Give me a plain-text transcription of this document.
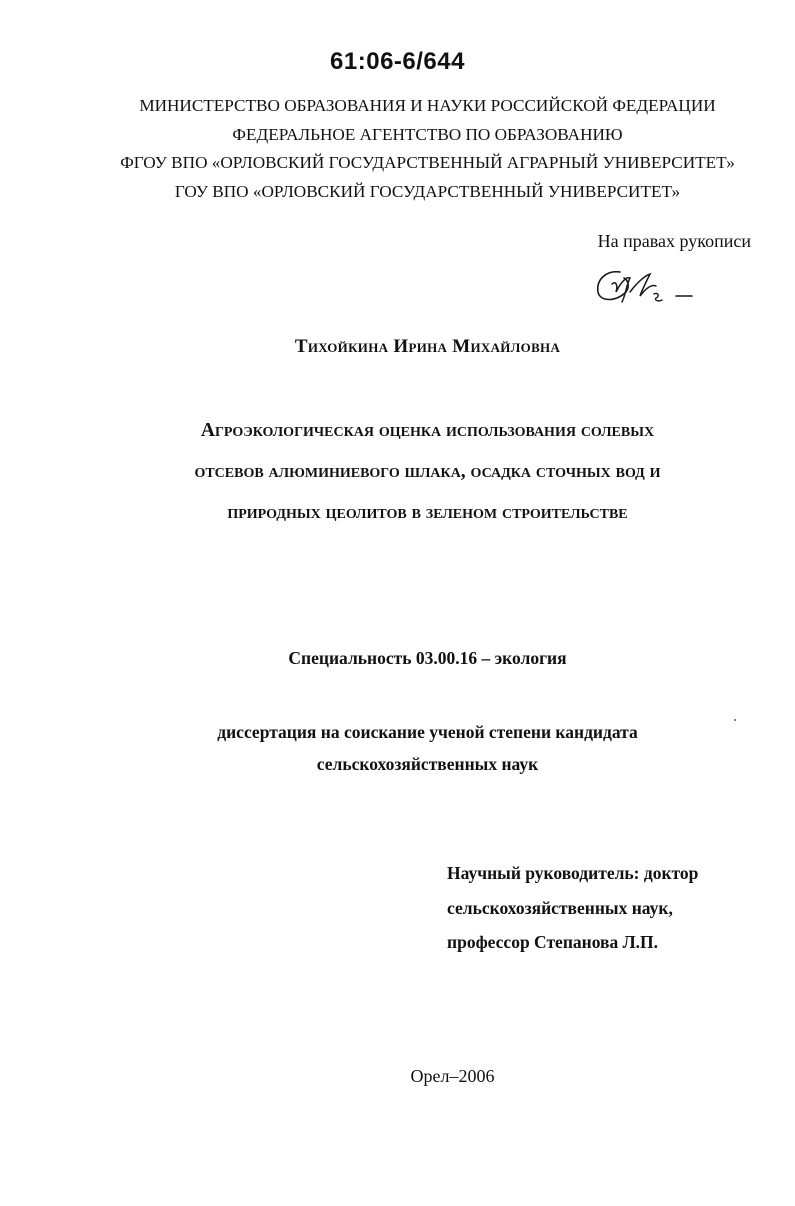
61:06-6/644
МИНИСТЕРСТВО ОБРАЗОВАНИЯ И НАУКИ РОССИЙСКОЙ ФЕДЕРАЦИИ
ФЕДЕРАЛЬНОЕ АГЕНТСТВО ПО ОБРАЗОВАНИЮ
ФГОУ ВПО «ОРЛОВСКИЙ ГОСУДАРСТВЕННЫЙ АГРАРНЫЙ УНИВЕРСИТЕТ»
ГОУ ВПО «ОРЛОВСКИЙ ГОСУДАРСТВЕННЫЙ УНИВЕРСИТЕТ»
На правах рукописи
Тихойкина Ирина Михайловна
Агроэкологическая оценка использования солевых
отсевов алюминиевого шлака, осадка сточных вод и
природных цеолитов в зеленом строительстве
Специальность 03.00.16 – экология
диссертация на соискание ученой степени кандидата
сельскохозяйственных наук
Научный руководитель: доктор
сельскохозяйственных наук,
профессор Степанова Л.П.
Орел–2006
